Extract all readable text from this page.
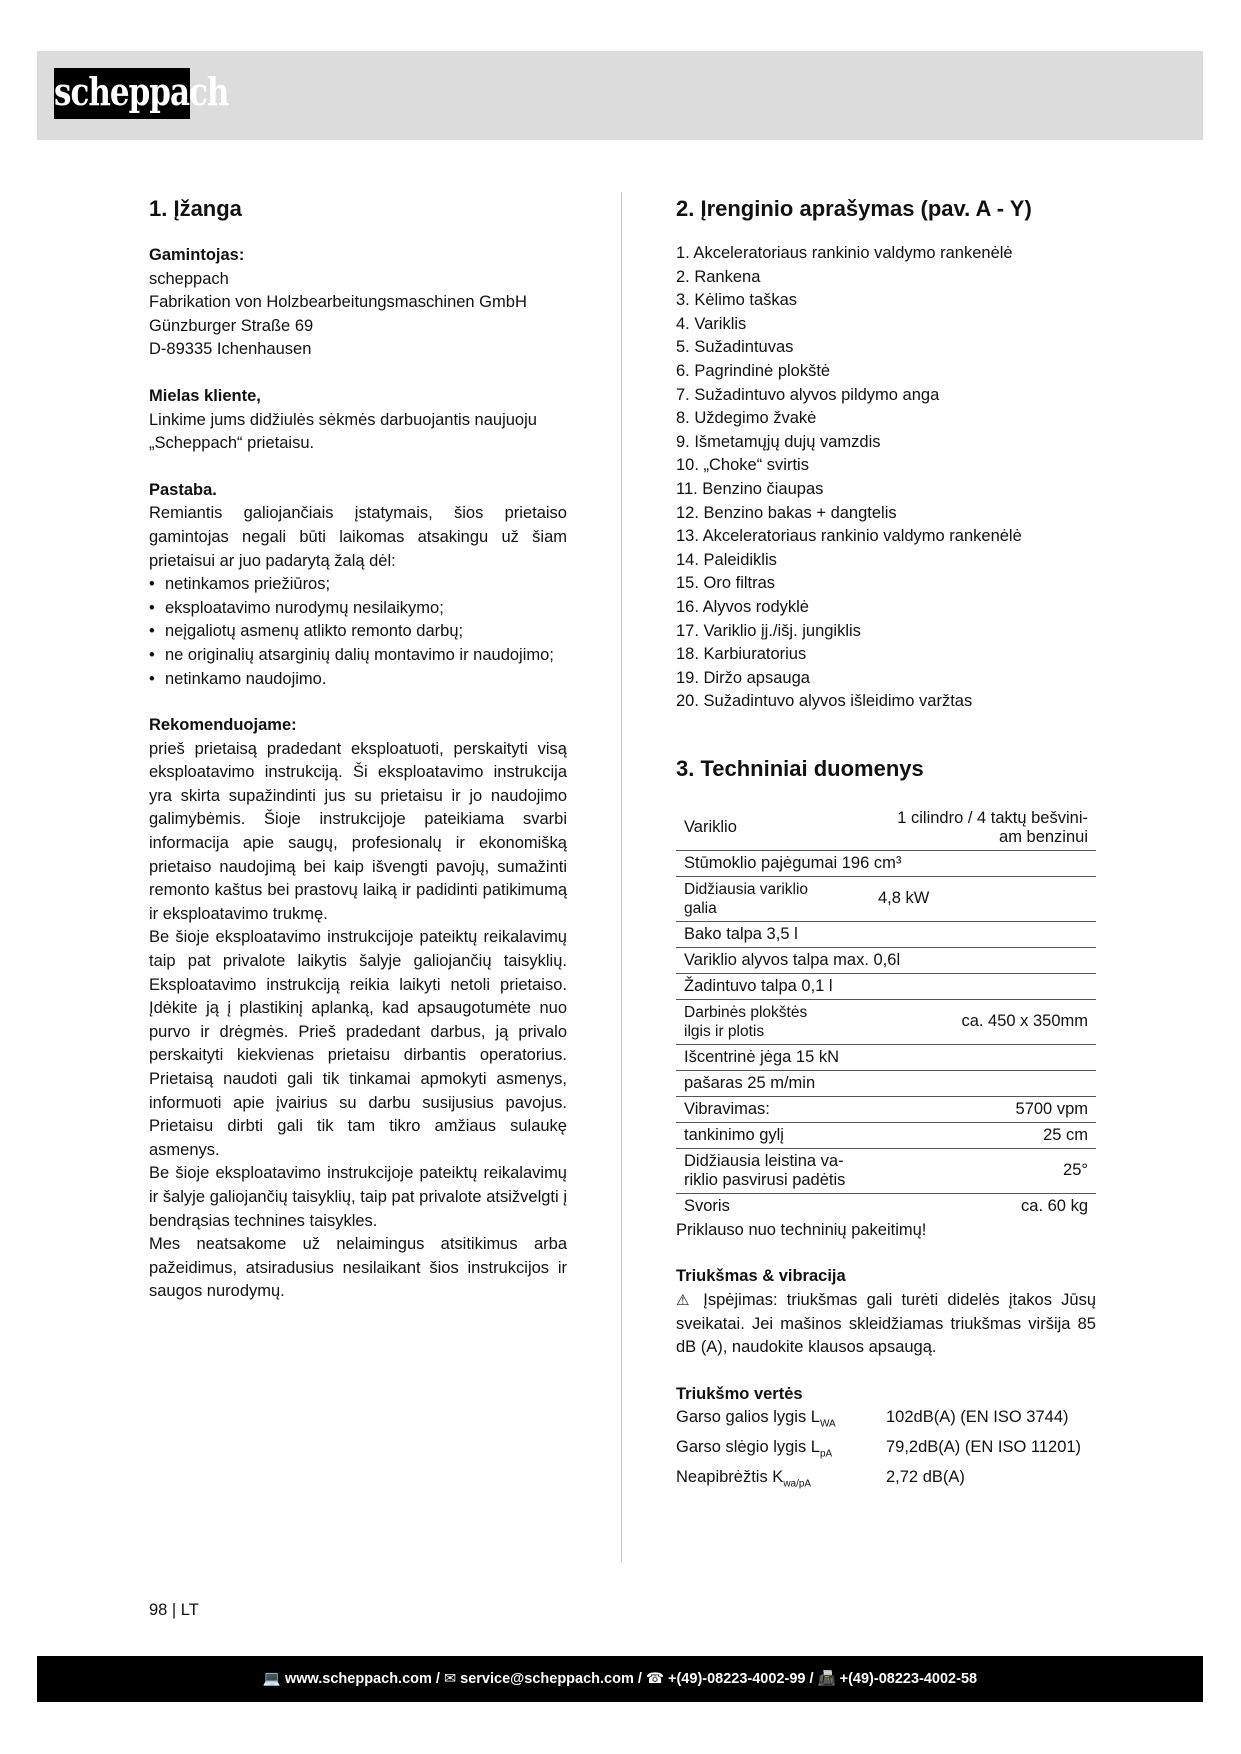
scheppach
1. Įžanga
Gamintojas:
scheppach
Fabrikation von Holzbearbeitungsmaschinen GmbH
Günzburger Straße 69
D-89335 Ichenhausen
Mielas kliente,

Linkime jums didžiulės sėkmės darbuojantis naujuoju „Scheppach“ prietaisu.

Pastaba.

Remiantis galiojančiais įstatymais, šios prietaiso gamintojas negali būti laikomas atsakingu už šiam prietaisui ar juo padarytą žalą dėl:

• netinkamos priežiūros;
• eksploatavimo nurodymų nesilaikymo;
• neįgaliotų asmenų atlikto remonto darbų;
• ne originalių atsarginių dalių montavimo ir naudojimo;
• netinkamo naudojimo.
Rekomenduojame:

prieš prietaisą pradedant eksploatuoti, perskaityti visą eksploatavimo instrukciją. Ši eksploatavimo instrukcija yra skirta supažindinti jus su prietaisu ir jo naudojimo galimybėmis. Šioje instrukcijoje pateikiama svarbi informacija apie saugų, profesionalų ir ekonomišką prietaiso naudojimą bei kaip išvengti pavojų, sumažinti remonto kaštus bei prastovų laiką ir padidinti patikimumą ir eksploatavimo trukmę.

Be šioje eksploatavimo instrukcijoje pateiktų reikalavimų taip pat privalote laikytis šalyje galiojančių taisyklių. Eksploatavimo instrukciją reikia laikyti netoli prietaiso. Įdėkite ją į plastikinį aplanką, kad apsaugotumėte nuo purvo ir drėgmės. Prieš pradedant darbus, ją privalo perskaityti kiekvienas prietaisu dirbantis operatorius. Prietaisą naudoti gali tik tinkamai apmokyti asmenys, informuoti apie įvairius su darbu susijusius pavojus. Prietaisu dirbti gali tik tam tikro amžiaus sulaukę asmenys.

Be šioje eksploatavimo instrukcijoje pateiktų reikalavimų ir šalyje galiojančių taisyklių, taip pat privalote atsižvelgti į bendrąsias technines taisykles.

Mes neatsakome už nelaimingus atsitikimus arba pažeidimus, atsiradusius nesilaikant šios instrukcijos ir saugos nurodymų.

2. Įrenginio aprašymas (pav. A - Y)
1. Akceleratoriaus rankinio valdymo rankenėlė
2. Rankena
3. Kėlimo taškas
4. Variklis
5. Sužadintuvas
6. Pagrindinė plokštė
7. Sužadintuvo alyvos pildymo anga
8. Uždegimo žvakė
9. Išmetamųjų dujų vamzdis
10. „Choke“ svirtis
11. Benzino čiaupas
12. Benzino bakas + dangtelis
13. Akceleratoriaus rankinio valdymo rankenėlė
14. Paleidiklis
15. Oro filtras
16. Alyvos rodyklė
17. Variklio įj./išj. jungiklis
18. Karbiuratorius
19. Diržo apsauga
20. Sužadintuvo alyvos išleidimo varžtas
3. Techniniai duomenys
Variklio	1 cilindro / 4 taktų bešvini-
am benzinui

Stūmoklio pajėgumai 196 cm³	

Didžiausia variklio
galia	4,8 kW
Bako talpa 3,5 l	
Variklio alyvos talpa max. 0,6l	
Žadintuvo talpa 0,1 l	

Darbinės plokštės
ilgis ir plotis	ca. 450 x 350mm
Išcentrinė jėga 15 kN	
pašaras 25 m/min	
Vibravimas:	5700 vpm
tankinimo gylį	25 cm

Didžiausia leistina va-
riklio pasvirusi padėtis	25°
Svoris	ca. 60 kg
Priklauso nuo techninių pakeitimų!
Triukšmas & vibracija

⚠ Įspėjimas: triukšmas gali turėti didelės įtakos Jūsų sveikatai. Jei mašinos skleidžiamas triukšmas viršija 85 dB (A), naudokite klausos apsaugą.

Triukšmo vertės
Garso galios lygis $L_{WA}$	102dB(A) (EN ISO 3744)
Garso slėgio lygis $L_{pA}$	79,2dB(A) (EN ISO 11201)
Neapibrėžtis $K_{wa/pA}$	2,72 dB(A)
98 | LT
💻 www.scheppach.com / ✉ service@scheppach.com / ☎ +(49)-08223-4002-99 / 📠 +(49)-08223-4002-58
